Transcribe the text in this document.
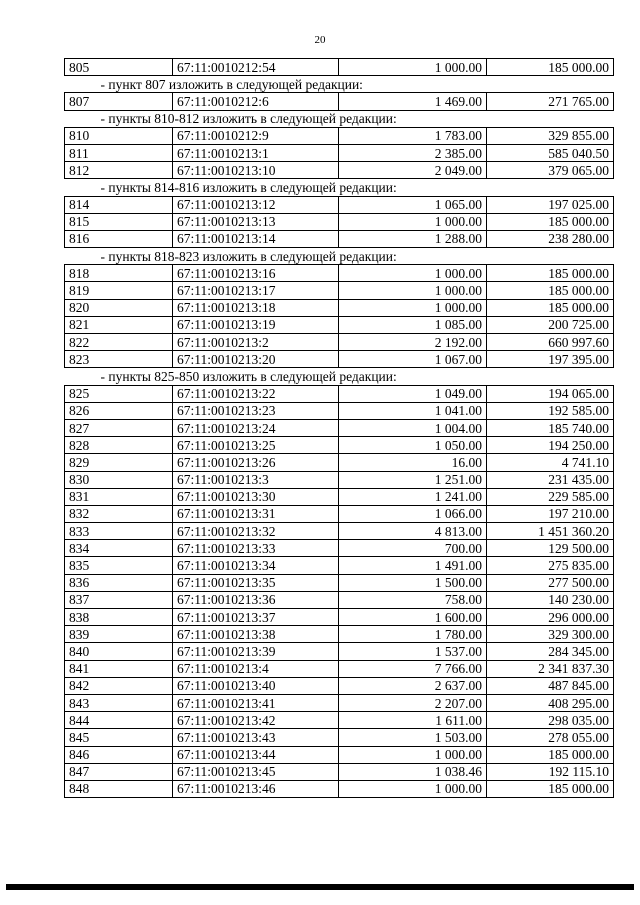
20
805	67:11:0010212:54	1 000.00	185 000.00
- пункт 807 изложить в следующей редакции:			
807	67:11:0010212:6	1 469.00	271 765.00
- пункты 810-812 изложить в следующей редакции:			
810	67:11:0010212:9	1 783.00	329 855.00
811	67:11:0010213:1	2 385.00	585 040.50
812	67:11:0010213:10	2 049.00	379 065.00
- пункты 814-816 изложить в следующей редакции:			
814	67:11:0010213:12	1 065.00	197 025.00
815	67:11:0010213:13	1 000.00	185 000.00
816	67:11:0010213:14	1 288.00	238 280.00
- пункты 818-823 изложить в следующей редакции:			
818	67:11:0010213:16	1 000.00	185 000.00
819	67:11:0010213:17	1 000.00	185 000.00
820	67:11:0010213:18	1 000.00	185 000.00
821	67:11:0010213:19	1 085.00	200 725.00
822	67:11:0010213:2	2 192.00	660 997.60
823	67:11:0010213:20	1 067.00	197 395.00
- пункты 825-850 изложить в следующей редакции:			
825	67:11:0010213:22	1 049.00	194 065.00
826	67:11:0010213:23	1 041.00	192 585.00
827	67:11:0010213:24	1 004.00	185 740.00
828	67:11:0010213:25	1 050.00	194 250.00
829	67:11:0010213:26	16.00	4 741.10
830	67:11:0010213:3	1 251.00	231 435.00
831	67:11:0010213:30	1 241.00	229 585.00
832	67:11:0010213:31	1 066.00	197 210.00
833	67:11:0010213:32	4 813.00	1 451 360.20
834	67:11:0010213:33	700.00	129 500.00
835	67:11:0010213:34	1 491.00	275 835.00
836	67:11:0010213:35	1 500.00	277 500.00
837	67:11:0010213:36	758.00	140 230.00
838	67:11:0010213:37	1 600.00	296 000.00
839	67:11:0010213:38	1 780.00	329 300.00
840	67:11:0010213:39	1 537.00	284 345.00
841	67:11:0010213:4	7 766.00	2 341 837.30
842	67:11:0010213:40	2 637.00	487 845.00
843	67:11:0010213:41	2 207.00	408 295.00
844	67:11:0010213:42	1 611.00	298 035.00
845	67:11:0010213:43	1 503.00	278 055.00
846	67:11:0010213:44	1 000.00	185 000.00
847	67:11:0010213:45	1 038.46	192 115.10
848	67:11:0010213:46	1 000.00	185 000.00
